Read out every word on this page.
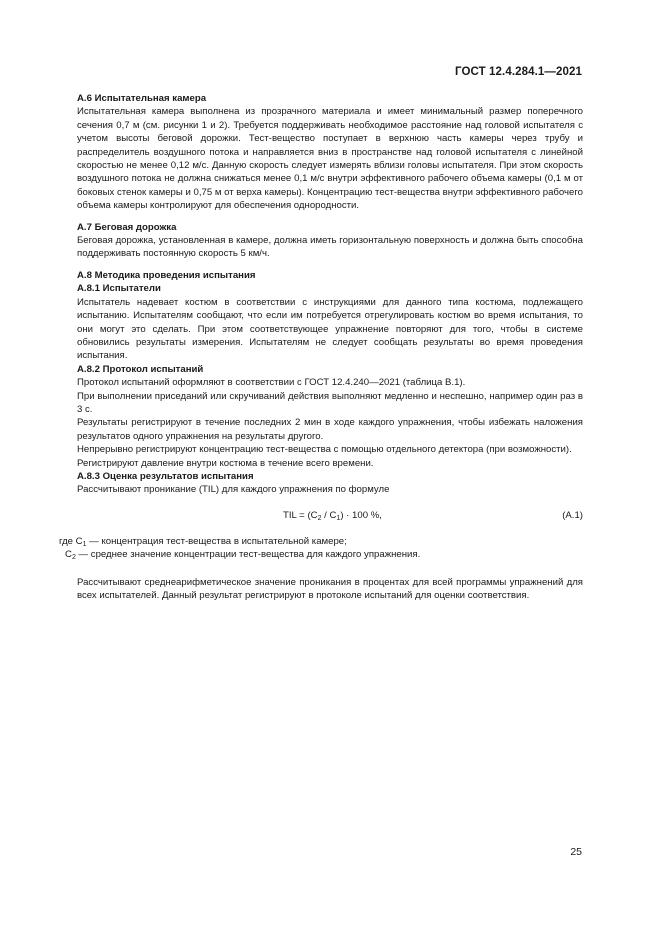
ГОСТ 12.4.284.1—2021

А.6 Испытательная камера

Испытательная камера выполнена из прозрачного материала и имеет минимальный размер поперечного сечения 0,7 м (см. рисунки 1 и 2). Требуется поддерживать необходимое расстояние над головой испытателя с учетом высоты беговой дорожки. Тест-вещество поступает в верхнюю часть камеры через трубу и распределитель воздушного потока и направляется вниз в пространстве над головой испытателя с линейной скоростью не менее 0,12 м/с. Данную скорость следует измерять вблизи головы испытателя. При этом скорость воздушного потока не должна снижаться менее 0,1 м/с внутри эффективного рабочего объема камеры (0,1 м от боковых стенок камеры и 0,75 м от верха камеры). Концентрацию тест-вещества внутри эффективного рабочего объема камеры контролируют для обеспечения однородности.

А.7 Беговая дорожка

Беговая дорожка, установленная в камере, должна иметь горизонтальную поверхность и должна быть способна поддерживать постоянную скорость 5 км/ч.

А.8 Методика проведения испытания

А.8.1 Испытатели

Испытатель надевает костюм в соответствии с инструкциями для данного типа костюма, подлежащего испытанию. Испытателям сообщают, что если им потребуется отрегулировать костюм во время испытания, то они могут это сделать. При этом соответствующее упражнение повторяют для того, чтобы в системе обновились результаты измерения. Испытателям не следует сообщать результаты во время проведения испытания.

А.8.2 Протокол испытаний

Протокол испытаний оформляют в соответствии с ГОСТ 12.4.240—2021 (таблица В.1).

При выполнении приседаний или скручиваний действия выполняют медленно и неспешно, например один раз в 3 с.

Результаты регистрируют в течение последних 2 мин в ходе каждого упражнения, чтобы избежать наложения результатов одного упражнения на результаты другого.

Непрерывно регистрируют концентрацию тест-вещества с помощью отдельного детектора (при возможности).

Регистрируют давление внутри костюма в течение всего времени.

А.8.3 Оценка результатов испытания

Рассчитывают проникание (TIL) для каждого упражнения по формуле

TIL = $(C_2 / C_1) \cdot 100$ %,	(А.1)

где $C_1$ — концентрация тест-вещества в испытательной камере;

$C_2$ — среднее значение концентрации тест-вещества для каждого упражнения.

Рассчитывают среднеарифметическое значение проникания в процентах для всей программы упражнений для всех испытателей. Данный результат регистрируют в протоколе испытаний для оценки соответствия.

25
